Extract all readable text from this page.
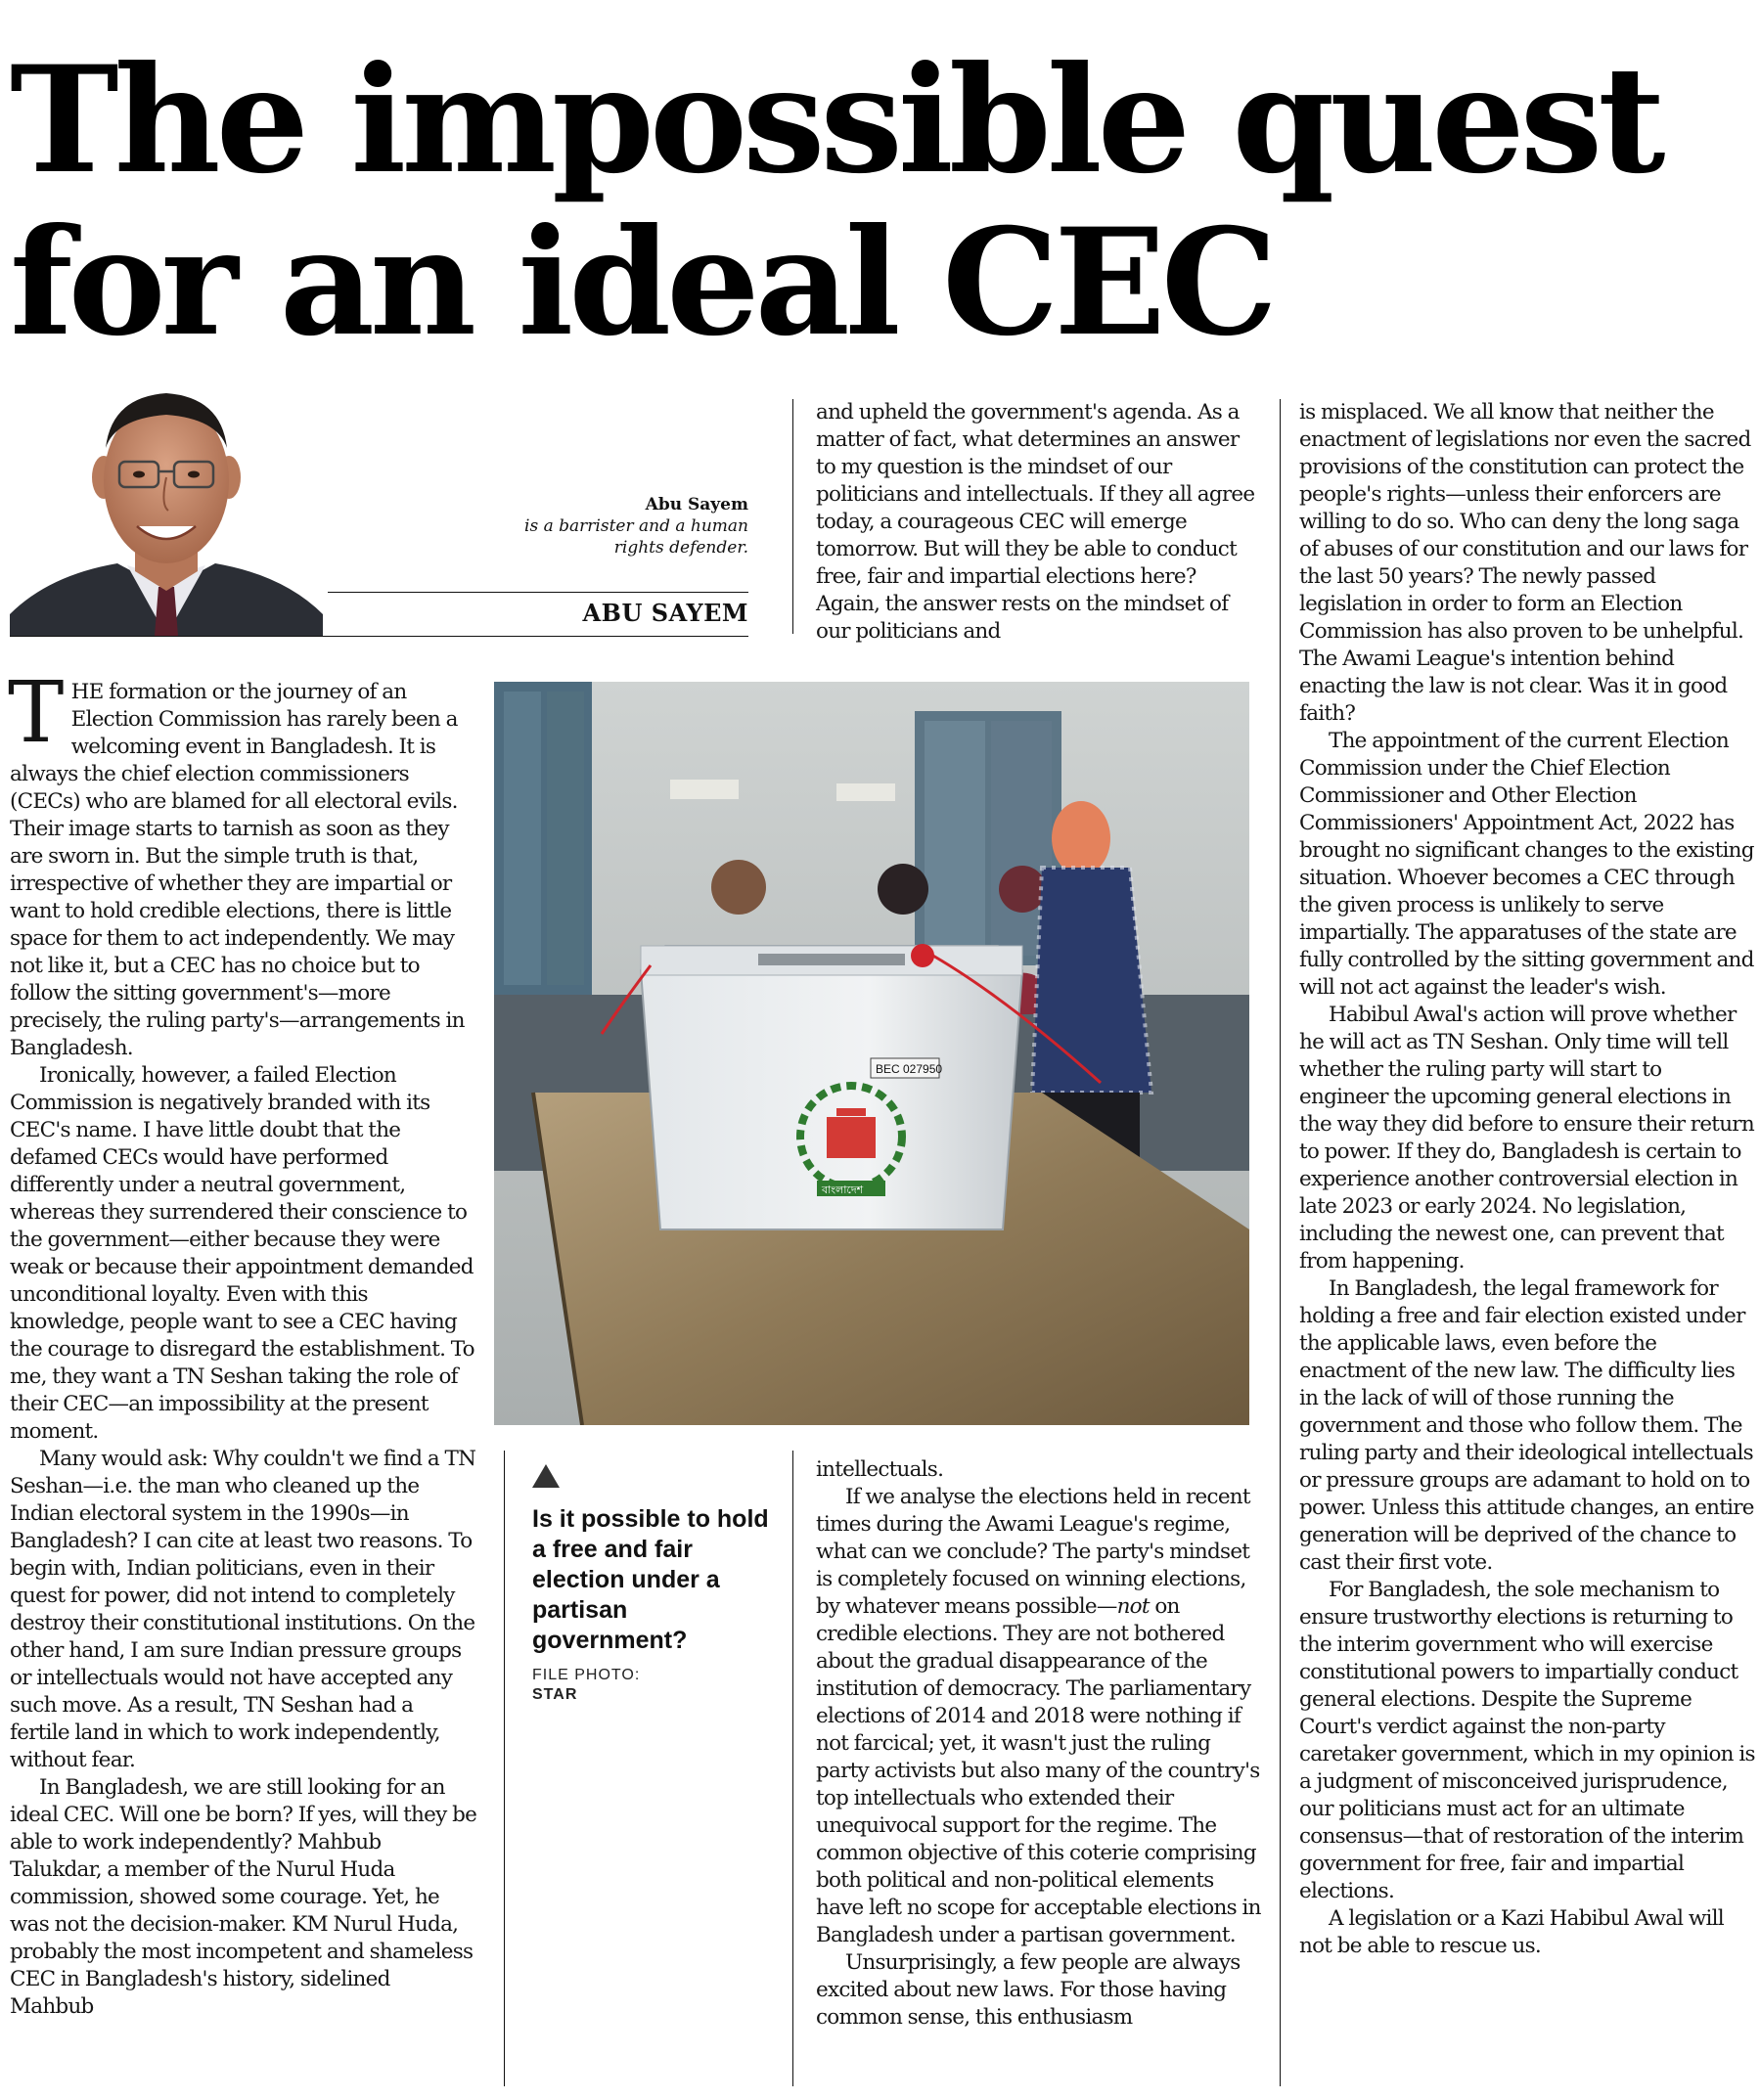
The impossible quest
for an ideal CEC
Abu Sayem
is a barrister and a human
rights defender.
ABU SAYEM

THE formation or the journey of an Election Commission has rarely been a welcoming event in Bangladesh. It is always the chief election commissioners (CECs) who are blamed for all electoral evils. Their image starts to tarnish as soon as they are sworn in. But the simple truth is that, irrespective of whether they are impartial or want to hold credible elections, there is little space for them to act independently. We may not like it, but a CEC has no choice but to follow the sitting government's—more precisely, the ruling party's—arrangements in Bangladesh.

Ironically, however, a failed Election Commission is negatively branded with its CEC's name. I have little doubt that the defamed CECs would have performed differently under a neutral government, whereas they surrendered their conscience to the government—either because they were weak or because their appointment demanded unconditional loyalty. Even with this knowledge, people want to see a CEC having the courage to disregard the establishment. To me, they want a TN Seshan taking the role of their CEC—an impossibility at the present moment.

Many would ask: Why couldn't we find a TN Seshan—i.e. the man who cleaned up the Indian electoral system in the 1990s—in Bangladesh? I can cite at least two reasons. To begin with, Indian politicians, even in their quest for power, did not intend to completely destroy their constitutional institutions. On the other hand, I am sure Indian pressure groups or intellectuals would not have accepted any such move. As a result, TN Seshan had a fertile land in which to work independently, without fear.

In Bangladesh, we are still looking for an ideal CEC. Will one be born? If yes, will they be able to work independently? Mahbub Talukdar, a member of the Nurul Huda commission, showed some courage. Yet, he was not the decision-maker. KM Nurul Huda, probably the most incompetent and shameless CEC in Bangladesh's history, sidelined Mahbub

and upheld the government's agenda. As a matter of fact, what determines an answer to my question is the mindset of our politicians and intellectuals. If they all agree today, a courageous CEC will emerge tomorrow. But will they be able to conduct free, fair and impartial elections here? Again, the answer rests on the mindset of our politicians and

BEC 027950
বাংলাদেশ
Is it possible to hold a free and fair election under a partisan government?
FILE PHOTO:
STAR

intellectuals.

If we analyse the elections held in recent times during the Awami League's regime, what can we conclude? The party's mindset is completely focused on winning elections, by whatever means possible—not on credible elections. They are not bothered about the gradual disappearance of the institution of democracy. The parliamentary elections of 2014 and 2018 were nothing if not farcical; yet, it wasn't just the ruling party activists but also many of the country's top intellectuals who extended their unequivocal support for the regime. The common objective of this coterie comprising both political and non-political elements have left no scope for acceptable elections in Bangladesh under a partisan government.

Unsurprisingly, a few people are always excited about new laws. For those having common sense, this enthusiasm

is misplaced. We all know that neither the enactment of legislations nor even the sacred provisions of the constitution can protect the people's rights—unless their enforcers are willing to do so. Who can deny the long saga of abuses of our constitution and our laws for the last 50 years? The newly passed legislation in order to form an Election Commission has also proven to be unhelpful. The Awami League's intention behind enacting the law is not clear. Was it in good faith?

The appointment of the current Election Commission under the Chief Election Commissioner and Other Election Commissioners' Appointment Act, 2022 has brought no significant changes to the existing situation. Whoever becomes a CEC through the given process is unlikely to serve impartially. The apparatuses of the state are fully controlled by the sitting government and will not act against the leader's wish.

Habibul Awal's action will prove whether he will act as TN Seshan. Only time will tell whether the ruling party will start to engineer the upcoming general elections in the way they did before to ensure their return to power. If they do, Bangladesh is certain to experience another controversial election in late 2023 or early 2024. No legislation, including the newest one, can prevent that from happening.

In Bangladesh, the legal framework for holding a free and fair election existed under the applicable laws, even before the enactment of the new law. The difficulty lies in the lack of will of those running the government and those who follow them. The ruling party and their ideological intellectuals or pressure groups are adamant to hold on to power. Unless this attitude changes, an entire generation will be deprived of the chance to cast their first vote.

For Bangladesh, the sole mechanism to ensure trustworthy elections is returning to the interim government who will exercise constitutional powers to impartially conduct general elections. Despite the Supreme Court's verdict against the non-party caretaker government, which in my opinion is a judgment of misconceived jurisprudence, our politicians must act for an ultimate consensus—that of restoration of the interim government for free, fair and impartial elections.

A legislation or a Kazi Habibul Awal will not be able to rescue us.
